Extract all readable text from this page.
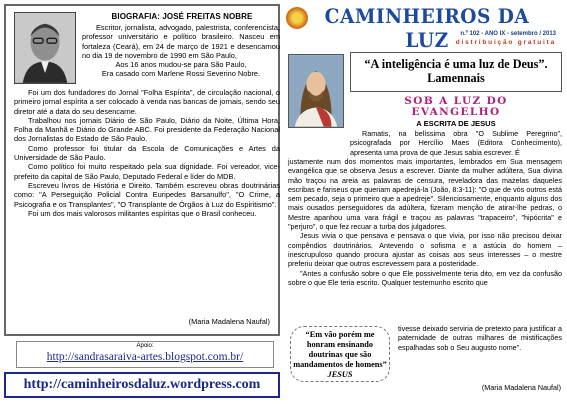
BIOGRAFIA: JOSÉ FREITAS NOBRE

Escritor, jornalista, advogado, palestrista, conferencista, professor universitário e político brasileiro. Nasceu em fortaleza (Ceará), em 24 de março de 1921 e desencarnou no dia 19 de novembro de 1990 em São Paulo,

Aos 16 anos mudou-se para São Paulo,

Era casado com Marlene Rossi Severino Nobre.

Foi um dos fundadores do Jornal "Folha Espírita", de circulação nacional, o primeiro jornal espírita a ser colocado à venda nas bancas de jornais, sendo seu diretor até a data do seu desencarne.

Trabalhou nos jornais Diário de São Paulo, Diário da Noite, Última Hora, Folha da Manhã e Diário do Grande ABC. Foi presidente da Federação Nacional dos Jornalistas do Estado de São Paulo.

Como professor foi titular da Escola de Comunicações e Artes da Universidade de São Paulo.

Como político foi muito respeitado pela sua dignidade. Foi vereador, vice-prefeito da capital de São Paulo, Deputado Federal e líder do MDB.

Escreveu livros de História e Direito. Também escreveu obras doutrinárias como: "A Perseguição Policial Contra Euripedes Barsanulfo", "O Crime, a Psicografia e os Transplantes", "O Transplante de Órgãos à Luz do Espiritismo".

Foi um dos mais valorosos militantes espíritas que o Brasil conheceu.

(Maria Madalena Naufal)
Apoio:
http://sandrasaraiva-artes.blogspot.com.br/
http://caminheirosdaluz.wordpress.com
CAMINHEIROS DA LUZ	n.º 102 - ANO IX - setembro / 2013
distribuição gratuita
“A inteligência é uma luz de Deus”. Lamennais
SOB A LUZ DO
EVANGELHO
A ESCRITA DE JESUS

Ramatis, na belíssima obra "O Sublime Peregrino", psicografada por Hercílio Maes (Editora Conhecimento), apresenta uma prova de que Jesus sabia escrever. É

justamente num dos momentos mais importantes, lembrados em Sua mensagem evangélica que se observa Jesus a escrever. Diante da mulher adúltera, Sua divina mão traçou na areia as palavras de censura, reveladora das mazelas daqueles escribas e fariseus que queriam apedrejá-la (João, 8:3-11): "O que de vós outros está sem pecado, seja o primeiro que a apedreje". Silenciosamente, enquanto alguns dos mais ousados perseguidores da adúltera, fizeram menção de atirar-lhe pedras, o Mestre apanhou uma vara frágil e traçou as palavras "trapaceiro", "hipócrita" e "perjuro", o que fez recuar a turba dos julgadores.

Jesus vivia o que pensava e pensava o que vivia, por isso não precisou deixar compêndios doutrinários. Antevendo o sofisma e a astúcia do homem – inescrupuloso quando procura ajustar as coisas aos seus interesses – o mestre preferiu deixar que outros escrevessem para a posteridade.

"Antes a confusão sobre o que Ele possivelmente teria dito, em vez da confusão sobre o que Ele teria escrito. Qualquer testemunho escrito que

“Em vão porém me honram ensinando doutrinas que são mandamentos de homens” JESUS
tivesse deixado serviria de pretexto para justificar a paternidade de outras milhares de mistificações espalhadas sob o Seu augusto nome".
(Maria Madalena Naufal)
